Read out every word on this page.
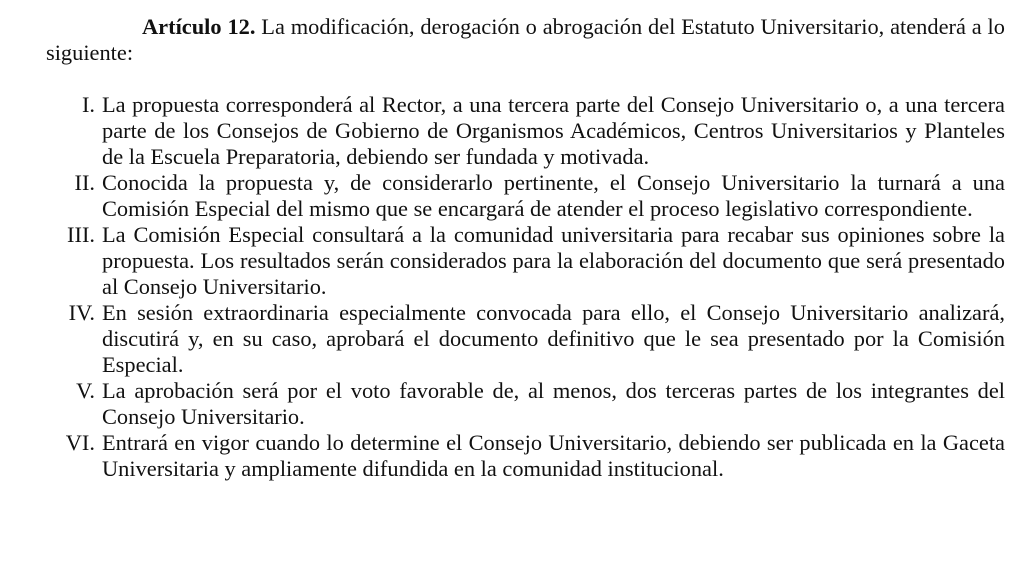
Artículo 12. La modificación, derogación o abrogación del Estatuto Universitario, atenderá a lo siguiente:

I. La propuesta corresponderá al Rector, a una tercera parte del Consejo Universitario o, a una tercera parte de los Consejos de Gobierno de Organismos Académicos, Centros Universitarios y Planteles de la Escuela Preparatoria, debiendo ser fundada y motivada.
II. Conocida la propuesta y, de considerarlo pertinente, el Consejo Universitario la turnará a una Comisión Especial del mismo que se encargará de atender el proceso legislativo correspondiente.
III. La Comisión Especial consultará a la comunidad universitaria para recabar sus opiniones sobre la propuesta. Los resultados serán considerados para la elaboración del documento que será presentado al Consejo Universitario.
IV. En sesión extraordinaria especialmente convocada para ello, el Consejo Universitario analizará, discutirá y, en su caso, aprobará el documento definitivo que le sea presentado por la Comisión Especial.
V. La aprobación será por el voto favorable de, al menos, dos terceras partes de los integrantes del Consejo Universitario.
VI. Entrará en vigor cuando lo determine el Consejo Universitario, debiendo ser publicada en la Gaceta Universitaria y ampliamente difundida en la comunidad institucional.
